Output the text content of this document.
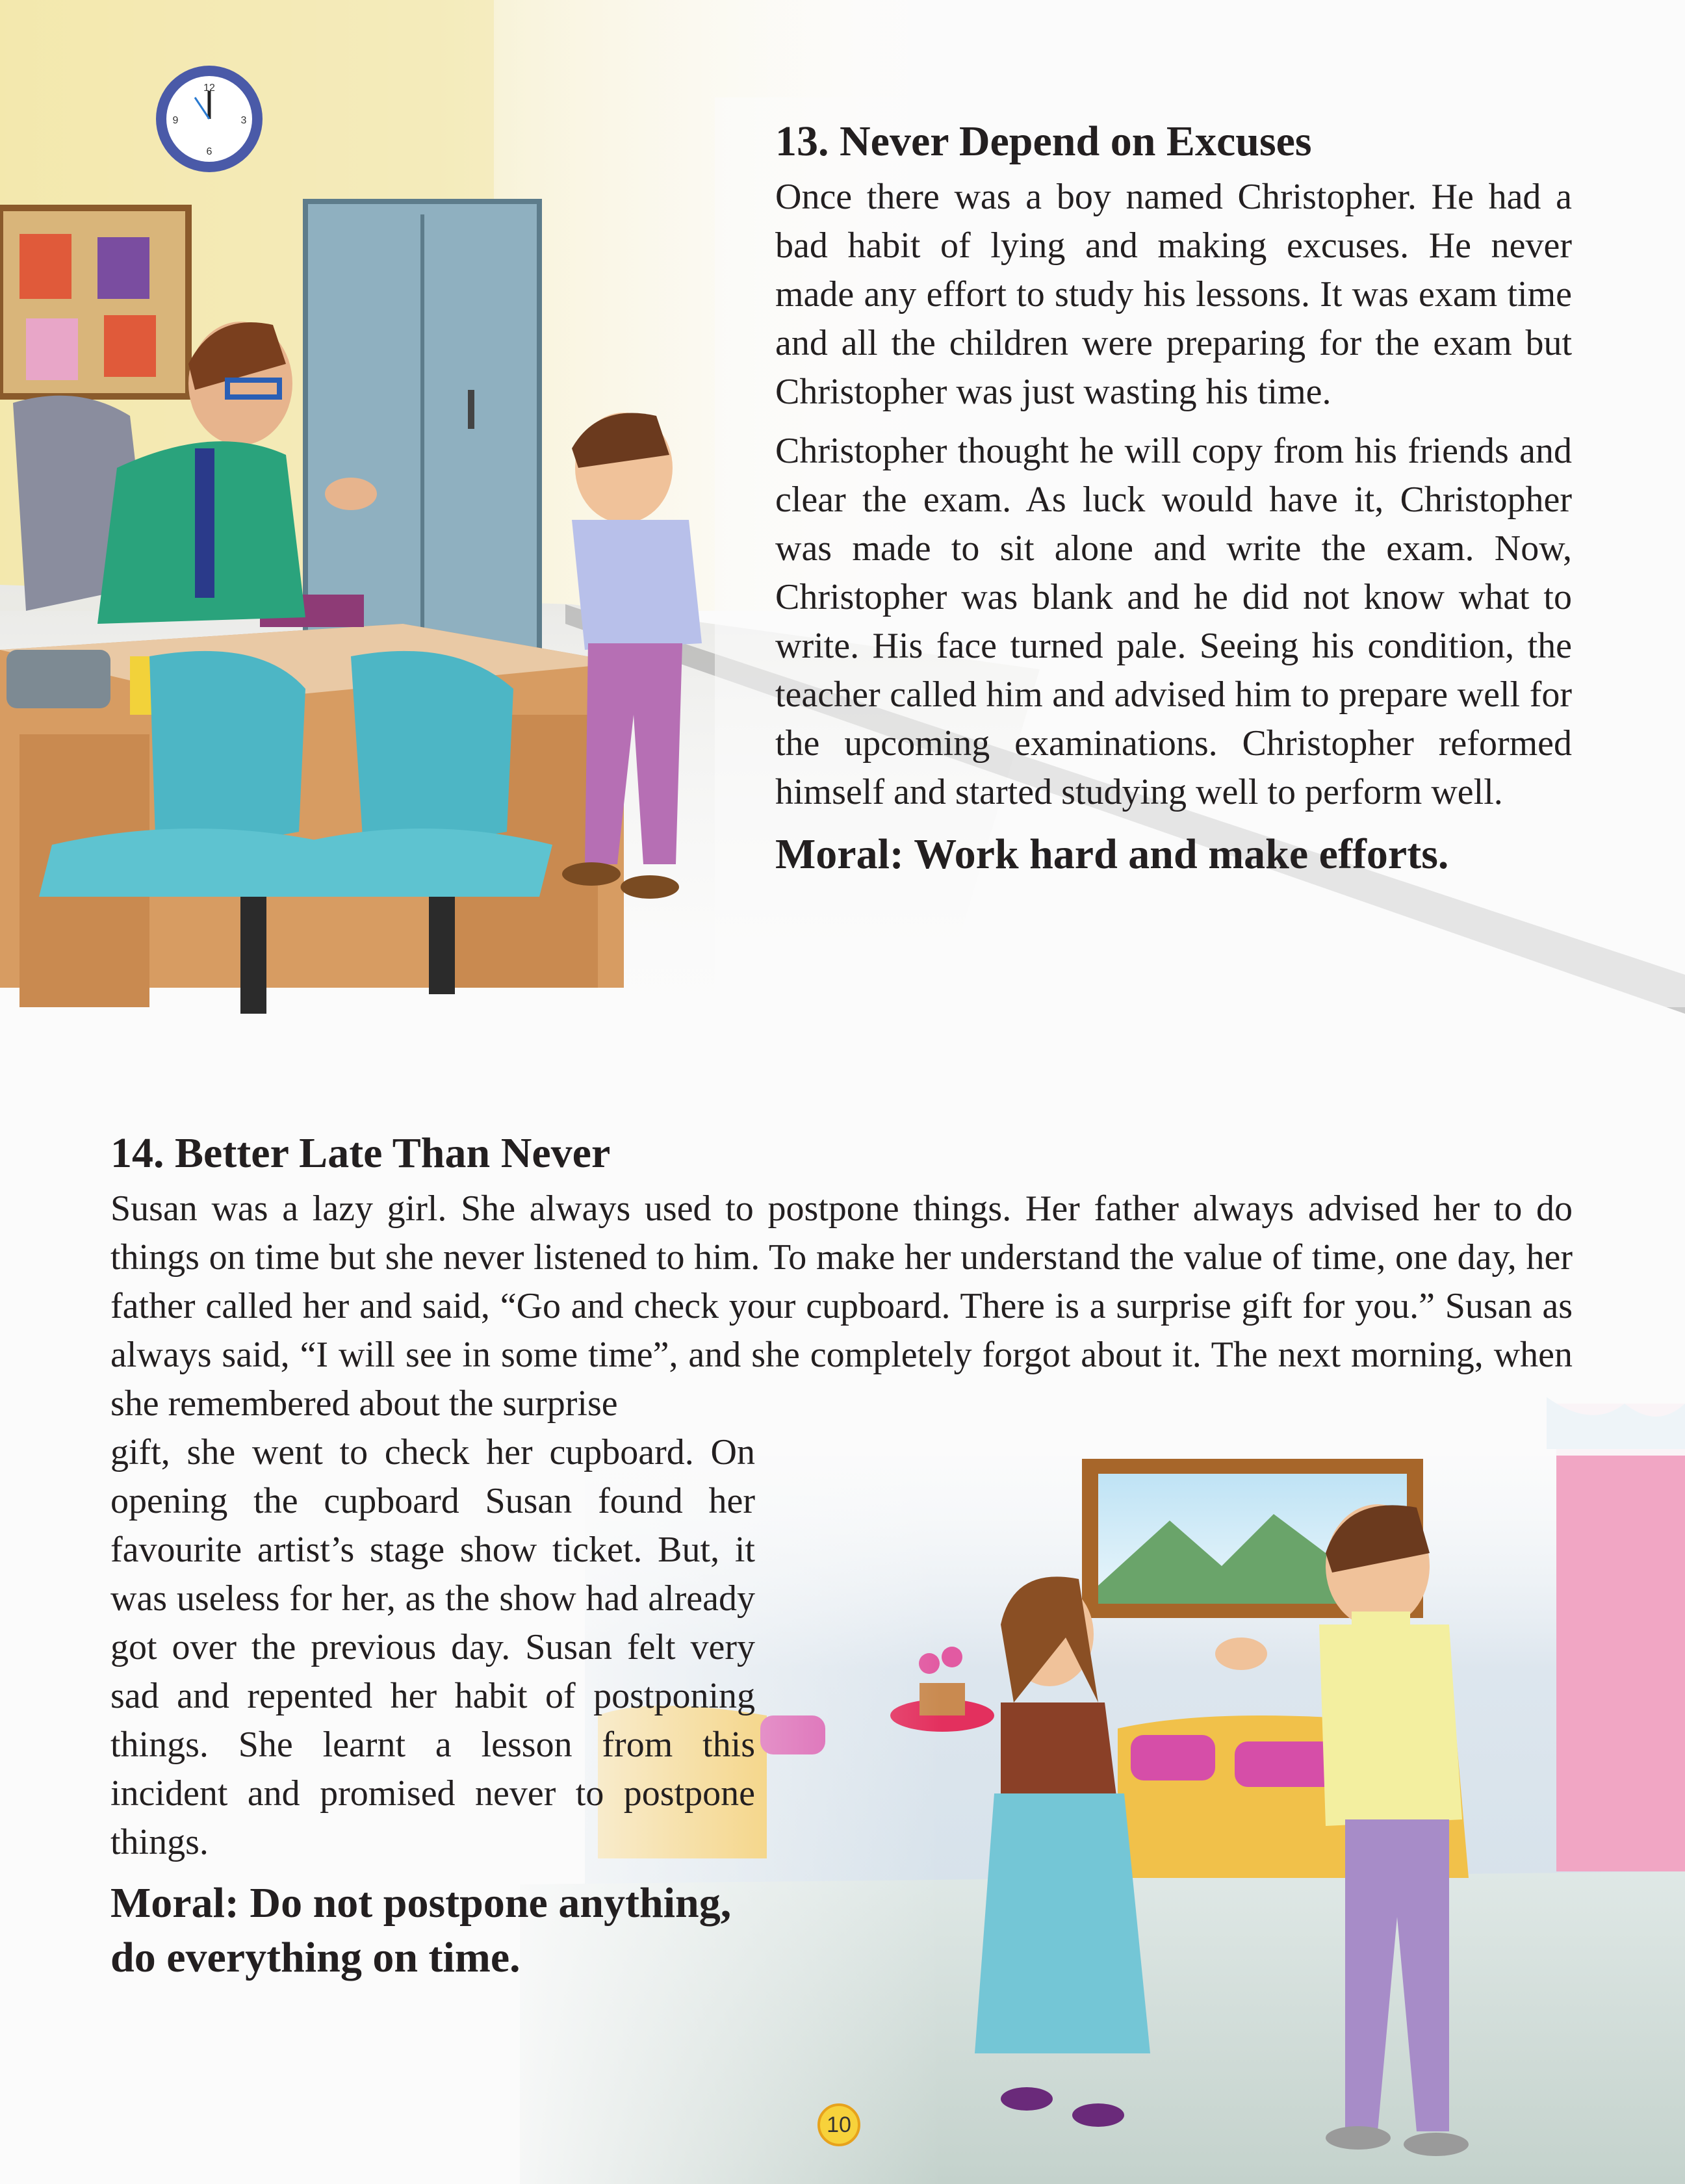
12
3
6
9	13. Never Depend on Excuses

Once there was a boy named Christopher. He had a bad habit of lying and making excuses. He never made any effort to study his lessons. It was exam time and all the children were preparing for the exam but Christopher was just wasting his time.

Christopher thought he will copy from his friends and clear the exam. As luck would have it, Christopher was made to sit alone and write the exam. Now, Christopher was blank and he did not know what to write. His face turned pale. Seeing his condition, the teacher called him and advised him to prepare well for the upcoming examinations. Christopher reformed himself and started studying well to perform well.

Moral: Work hard and make efforts.
14. Better Late Than Never

Susan was a lazy girl. She always used to postpone things. Her father always advised her to do things on time but she never listened to him. To make her understand the value of time, one day, her father called her and said, “Go and check your cupboard. There is a surprise gift for you.” Susan as always said, “I will see in some time”, and she completely forgot about it. The next morning, when she remembered about the surprise

gift, she went to check her cupboard. On opening the cupboard Susan found her favourite artist’s stage show ticket. But, it was useless for her, as the show had already got over the previous day. Susan felt very sad and repented her habit of postponing things. She learnt a lesson from this incident and promised never to postpone things.

Moral: Do not postpone anything,
do everything on time.
10
